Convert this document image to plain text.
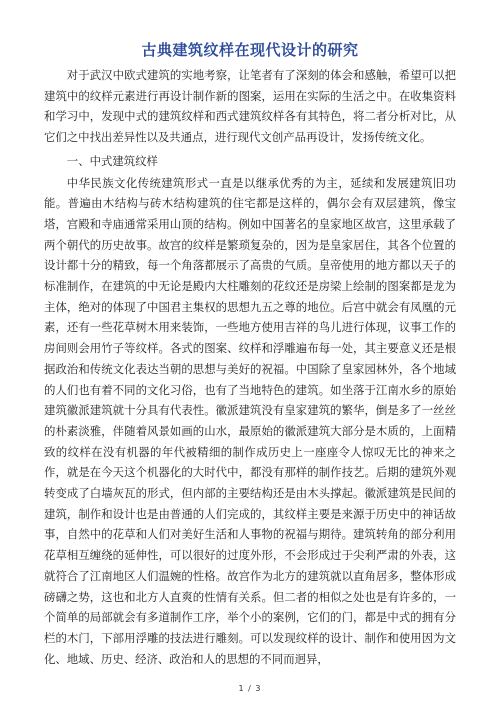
古典建筑纹样在现代设计的研究

对于武汉中欧式建筑的实地考察，让笔者有了深刻的体会和感触，希望可以把建筑中的纹样元素进行再设计制作新的图案，运用在实际的生活之中。在收集资料和学习中，发现中式的建筑纹样和西式建筑纹样各有其特色，将二者分析对比，从它们之中找出差异性以及共通点，进行现代文创产品再设计，发扬传统文化。

一、中式建筑纹样

中华民族文化传统建筑形式一直是以继承优秀的为主，延续和发展建筑旧功能。普遍由木结构与砖木结构建筑的住宅都是这样的，偶尔会有双层建筑，像宝塔，宫殿和寺庙通常采用山顶的结构。例如中国著名的皇家地区故宫，这里承载了两个朝代的历史故事。故宫的纹样是繁琐复杂的，因为是皇家居住，其各个位置的设计都十分的精致，每一个角落都展示了高贵的气质。皇帝使用的地方都以天子的标准制作，在建筑的中无论是殿内大柱雕刻的花纹还是房梁上绘制的图案都是龙为主体，绝对的体现了中国君主集权的思想九五之尊的地位。后宫中就会有凤凰的元素，还有一些花草树木用来装饰，一些地方使用吉祥的鸟儿进行体现，议事工作的房间则会用竹子等纹样。各式的图案、纹样和浮雕遍布每一处，其主要意义还是根据政治和传统文化表达当朝的思想与美好的祝福。中国除了皇家园林外，各个地域的人们也有着不同的文化习俗，也有了当地特色的建筑。如坐落于江南水乡的原始建筑徽派建筑就十分具有代表性。徽派建筑没有皇家建筑的繁华，倒是多了一丝丝的朴素淡雅，伴随着风景如画的山水，最原始的徽派建筑大部分是木质的，上面精致的纹样在没有机器的年代被精细的制作成历史上一座座令人惊叹无比的神来之作，就是在今天这个机器化的大时代中，都没有那样的制作技艺。后期的建筑外观转变成了白墙灰瓦的形式，但内部的主要结构还是由木头撑起。徽派建筑是民间的建筑，制作和设计也是由普通的人们完成的，其纹样主要是来源于历史中的神话故事，自然中的花草和人们对美好生活和人事物的祝福与期待。建筑转角的部分利用花草相互缠绕的延伸性，可以很好的过度外形，不会形成过于尖利严肃的外表，这就符合了江南地区人们温婉的性格。故宫作为北方的建筑就以直角居多，整体形成磅礴之势，这也和北方人直爽的性情有关系。但二者的相似之处也是有许多的，一个简单的局部就会有多道制作工序，举个小的案例，它们的门，都是中式的拥有分栏的木门，下部用浮雕的技法进行雕刻。可以发现纹样的设计、制作和使用因为文化、地域、历史、经济、政治和人的思想的不同而迥异，

1 / 3
